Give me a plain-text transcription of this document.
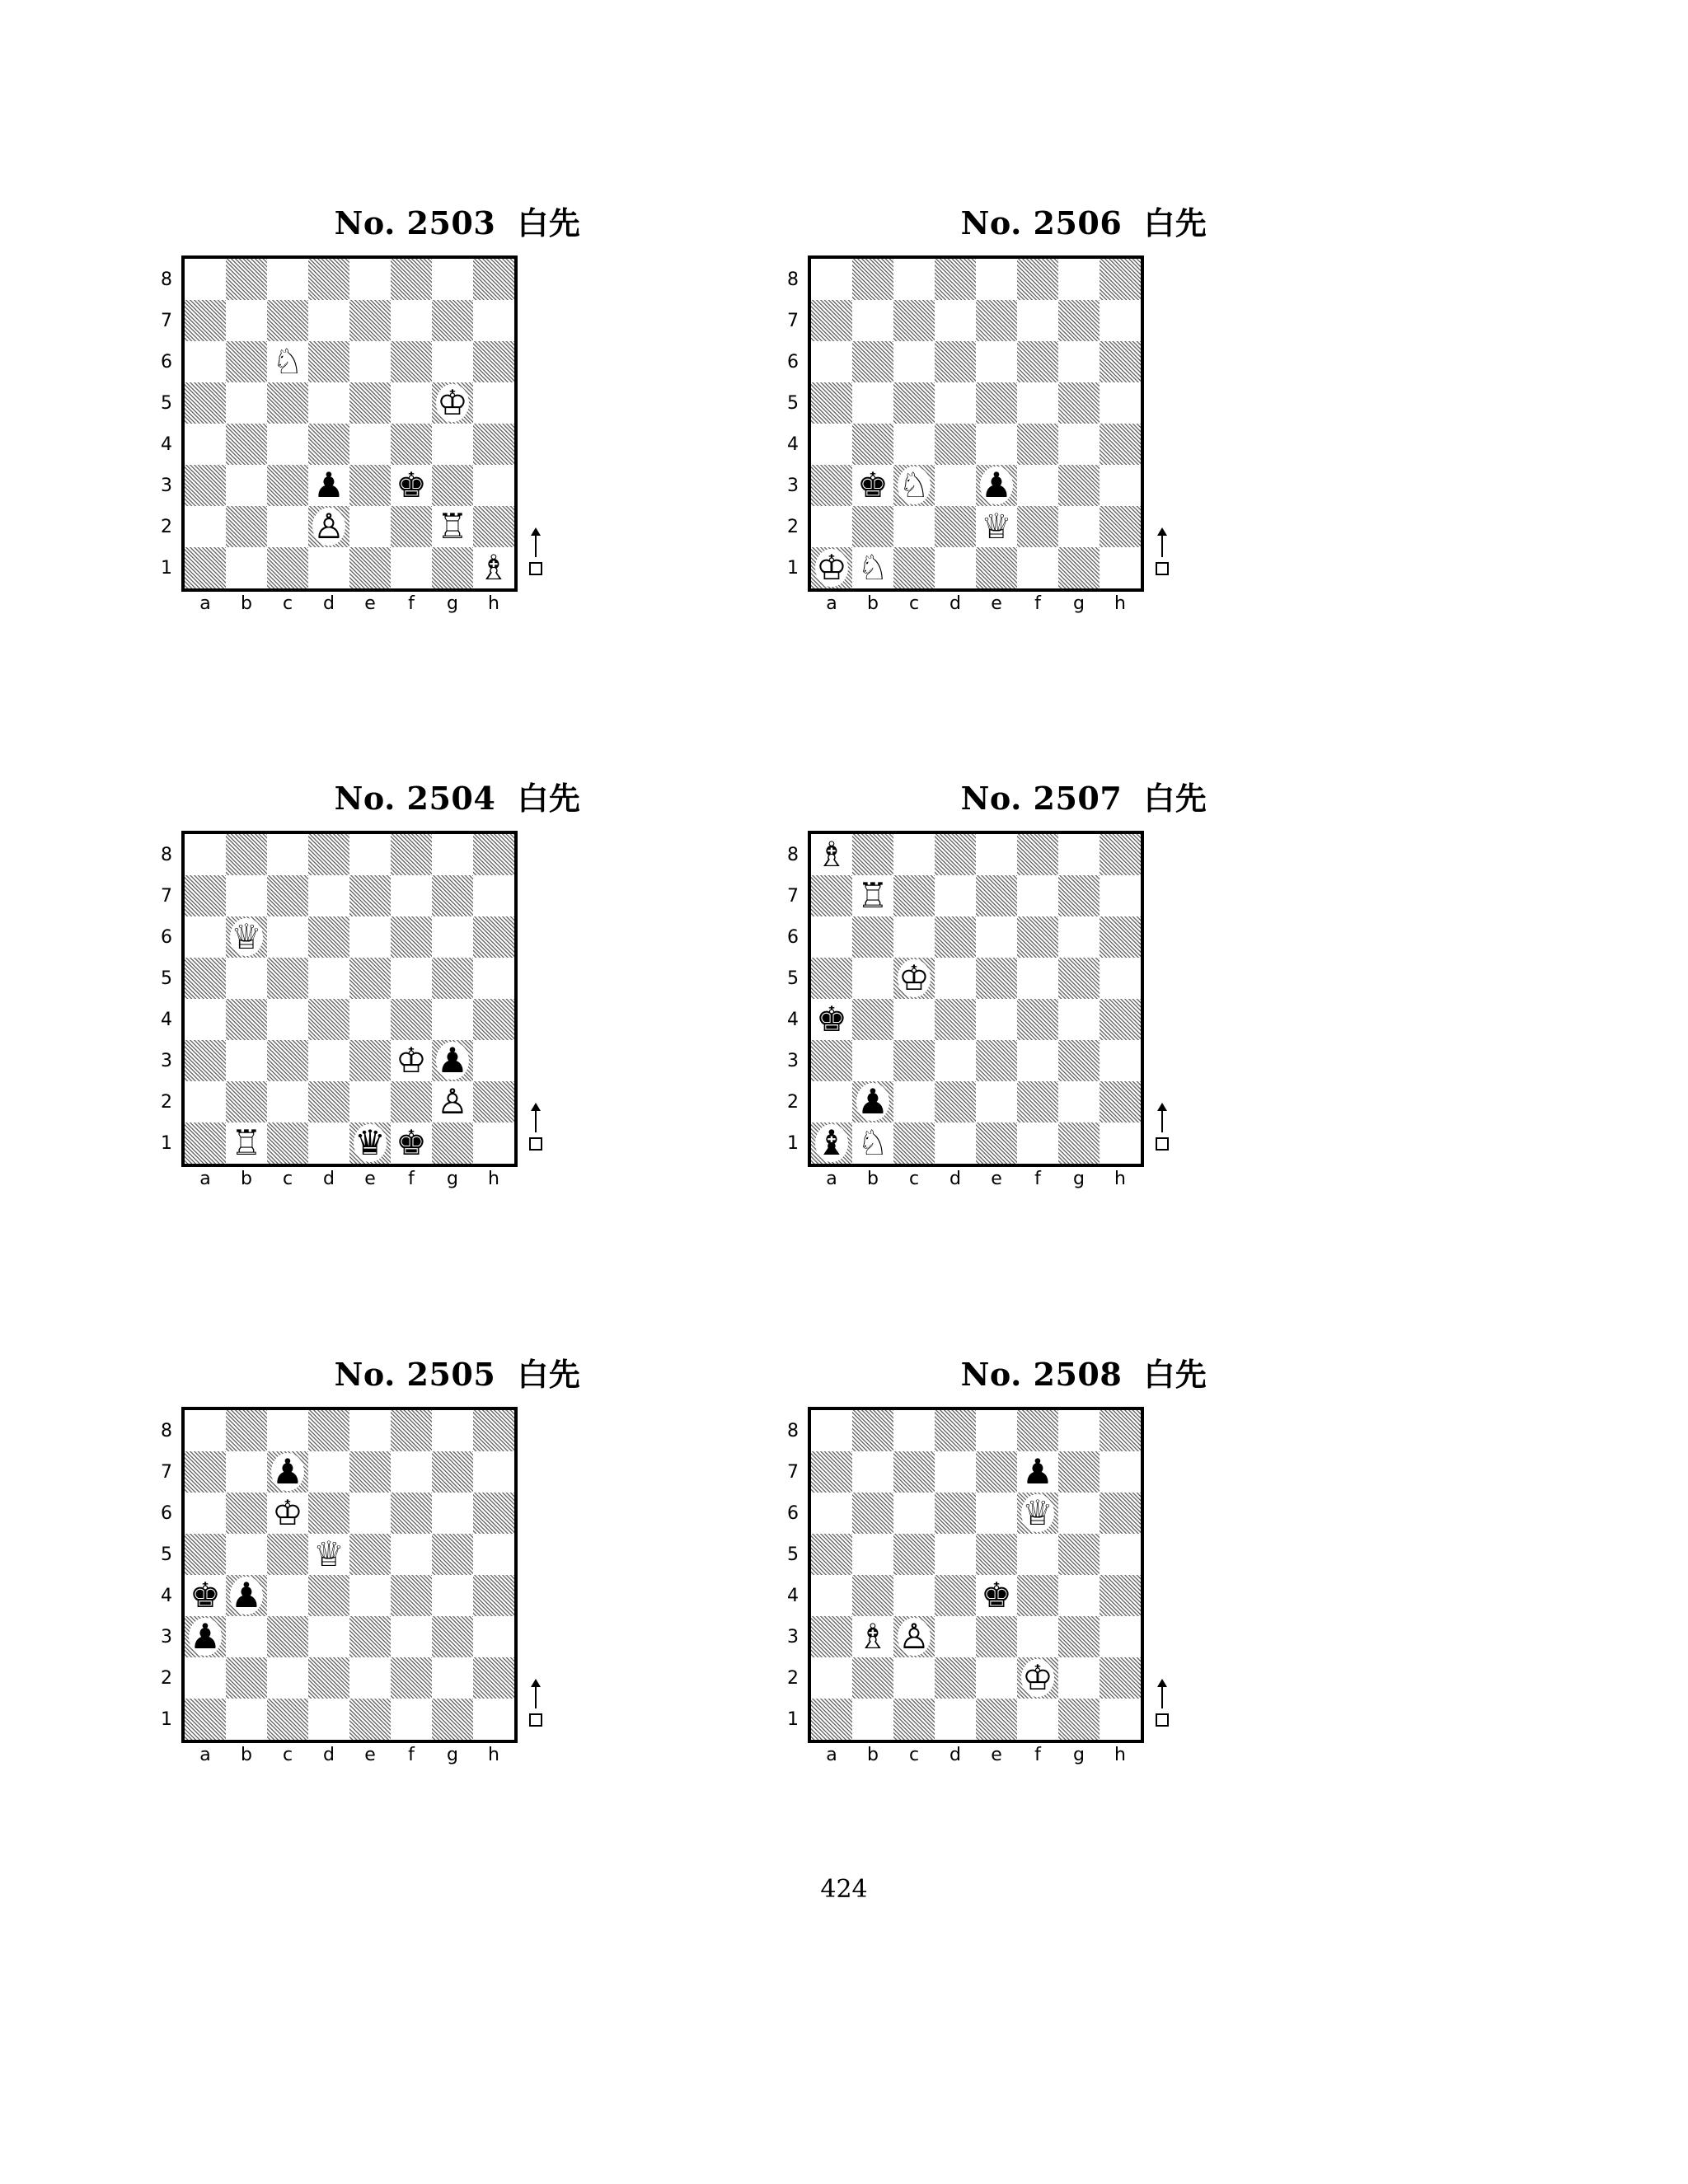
No. 2503 白先
8
7
6
5
4
3
2
1
♘
♔
♟ ♚
♙	♖
♗
a	b	c	d	e	f	g	h
No. 2506 白先
8
7
6
5
4
3
2
1
♚ ♘ ♟
♕
♔ ♘
a	b	c	d	e	f	g	h
No. 2504 白先
8
7
6
5
4
3
2
1
♕
♔ ♟
♙
♖	♛ ♚
a	b	c	d	e	f	g	h
No. 2507 白先
8
7
6
5
4
3
2
1
♗
♖
♔
♚
♟
♝ ♘
a	b	c	d	e	f	g	h
No. 2505 白先
8
7
6
5
4
3
2
1
♟
♔
♕
♚ ♟
♟
a	b	c	d	e	f	g	h
No. 2508 白先
8
7
6
5
4
3
2
1
♟
♕
♚
♗ ♙
♔
a	b	c	d	e	f	g	h
424
